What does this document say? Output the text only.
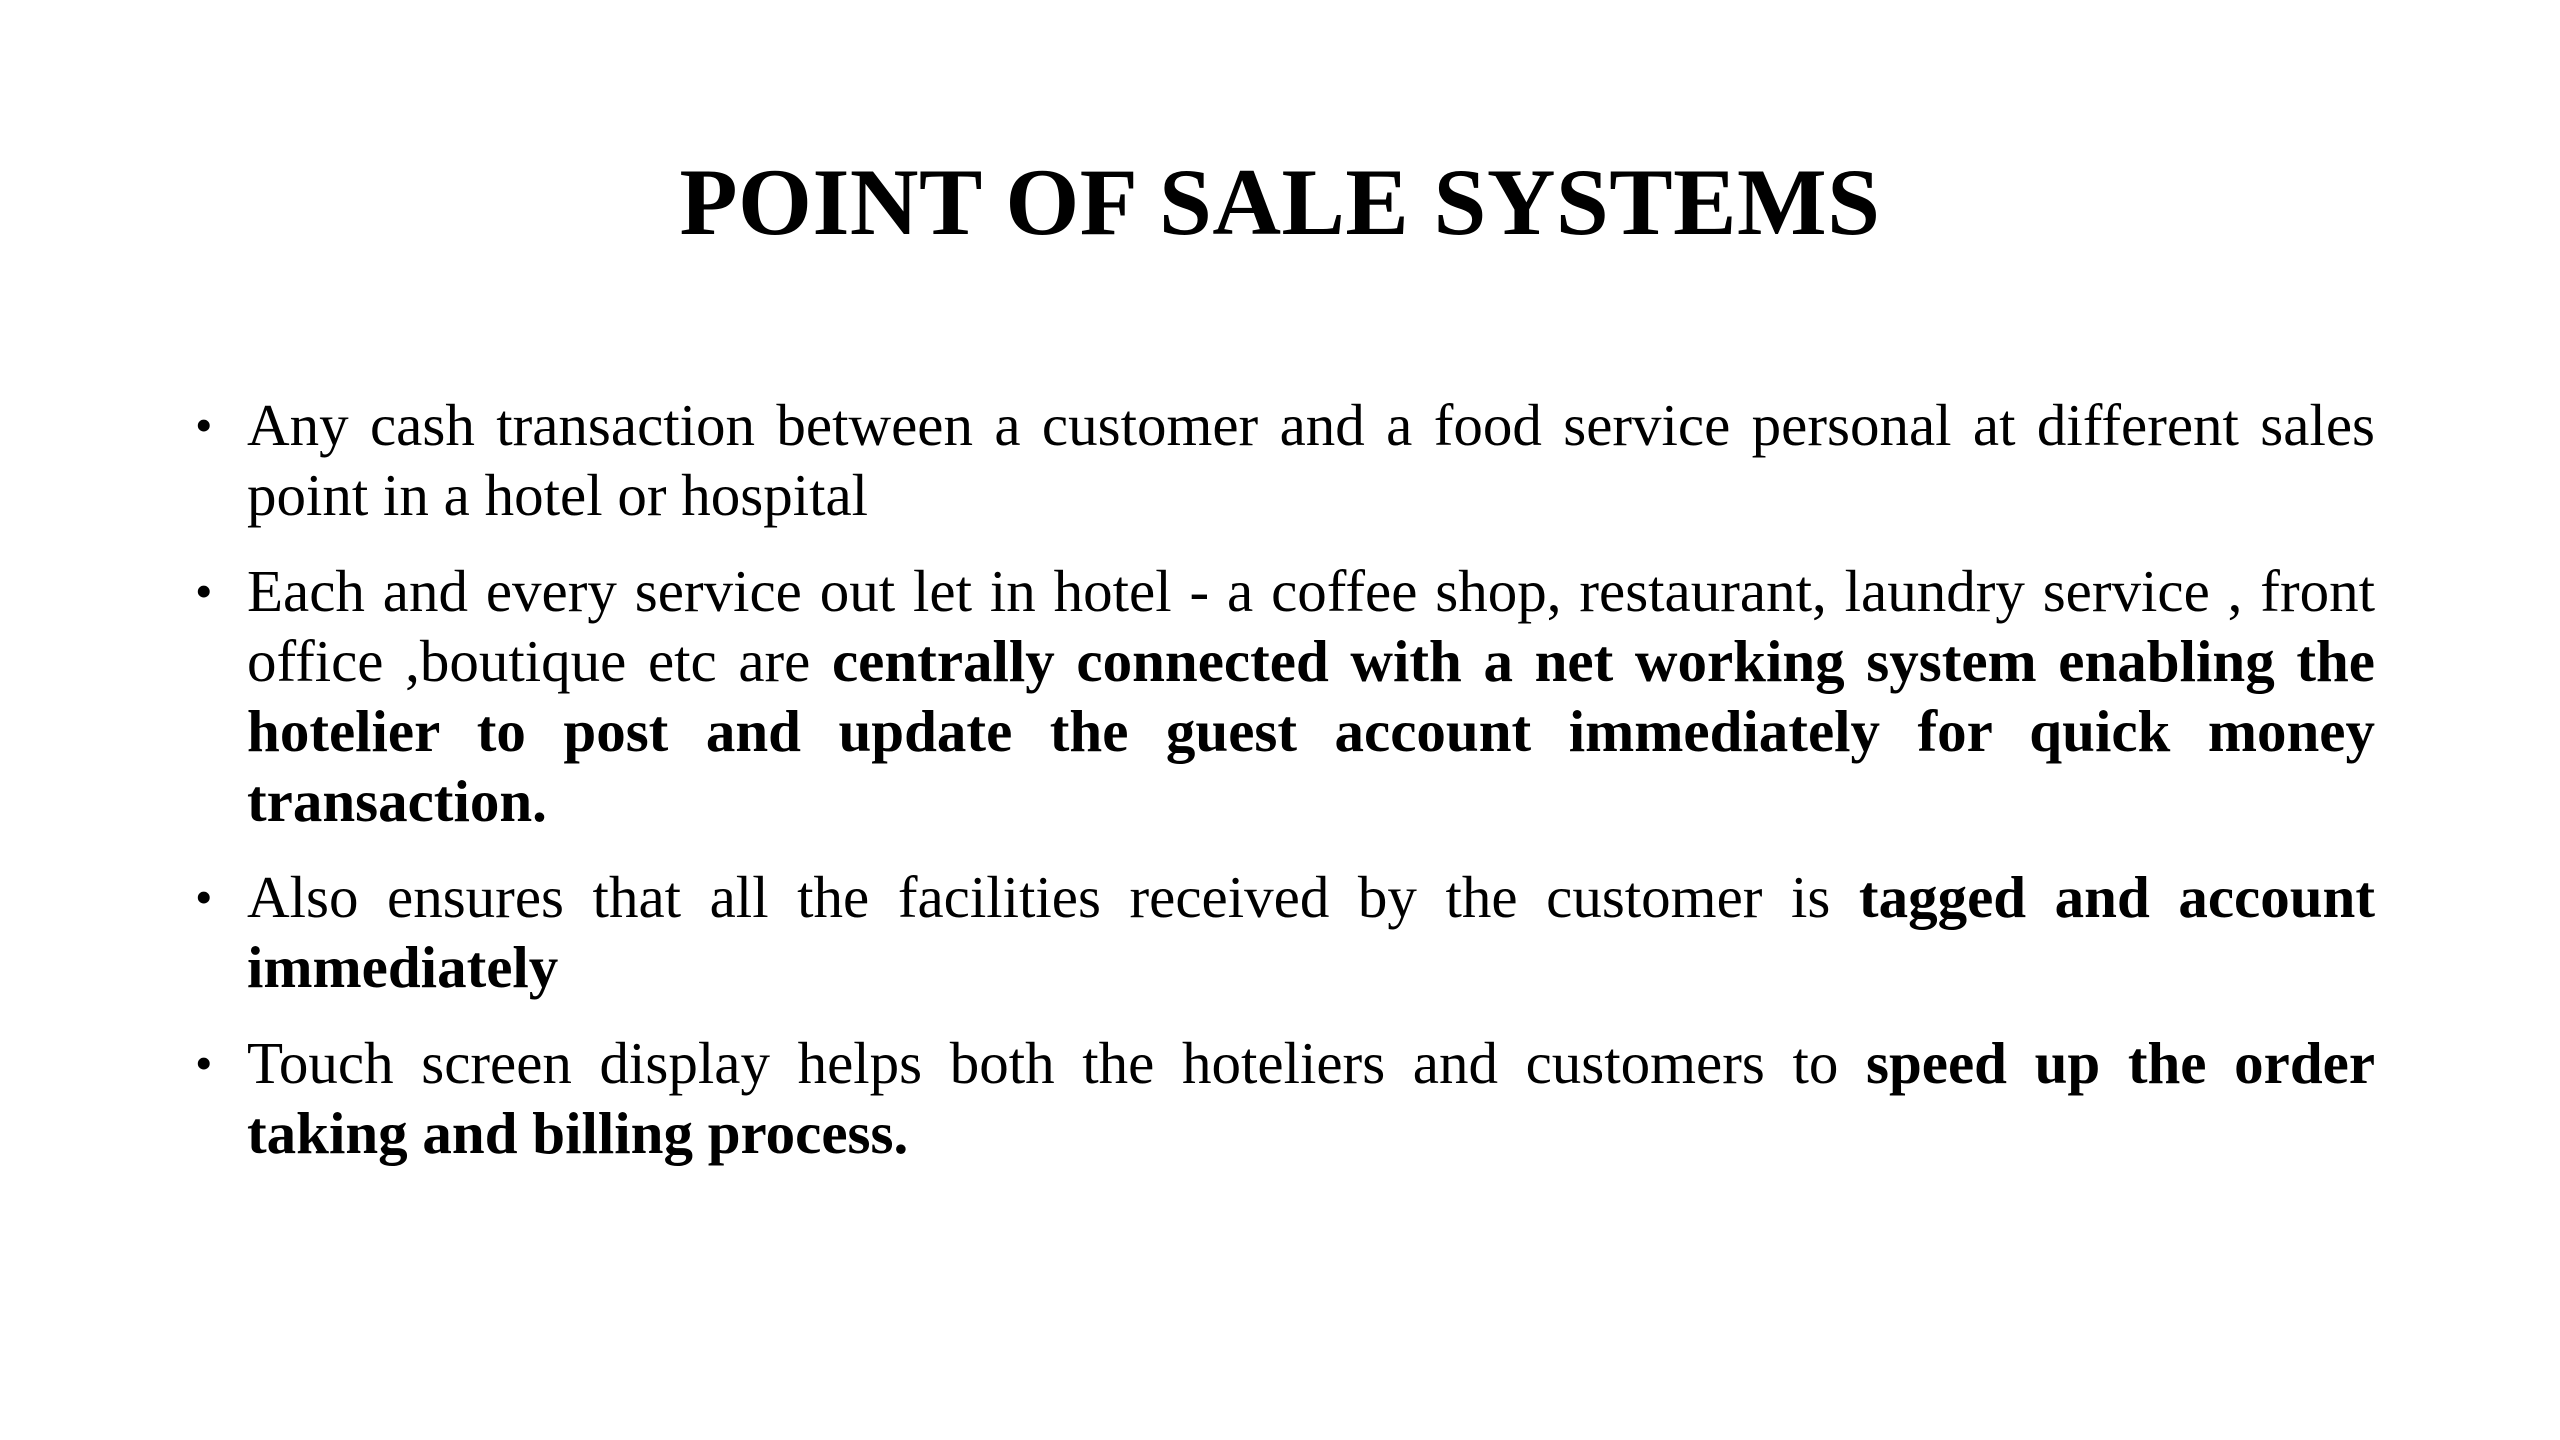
POINT OF SALE SYSTEMS
• Any cash transaction between a customer and a food service personal at different sales point in a hotel or hospital
• Each and every service out let in hotel - a coffee shop, restaurant, laundry service , front office ,boutique etc are centrally connected with a net working system enabling the hotelier to post and update the guest account immediately for quick money transaction.
• Also ensures that all the facilities received by the customer is tagged and account immediately
• Touch screen display helps both the hoteliers and customers to speed up the order taking and billing process.
